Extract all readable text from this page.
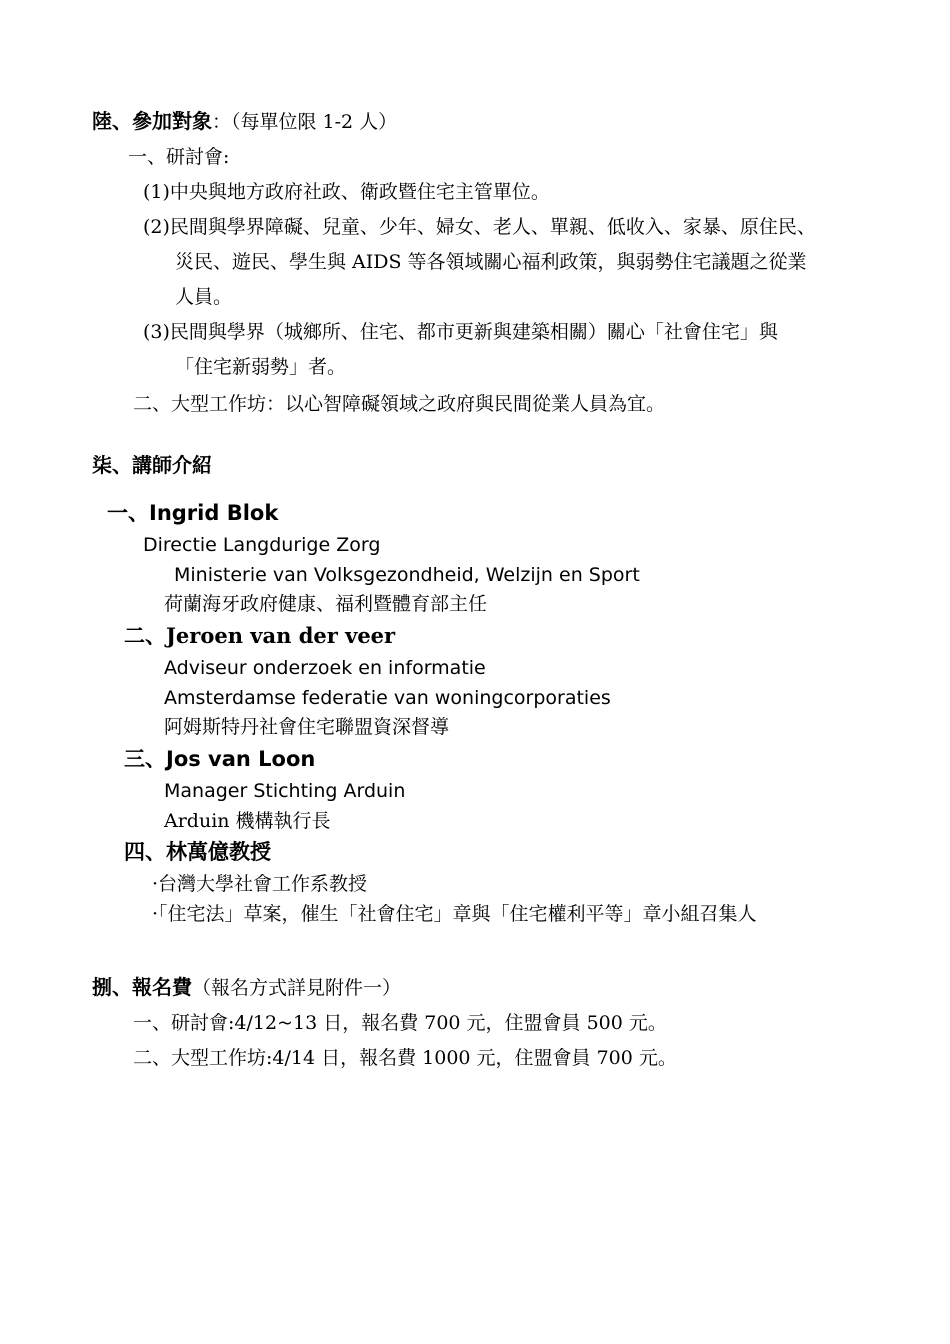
陸、參加對象：（每單位限 1-2 人）
一、研討會:
(1)中央與地方政府社政、衛政暨住宅主管單位。
(2)民間與學界障礙、兒童、少年、婦女、老人、單親、低收入、家暴、原住民、
災民、遊民、學生與 AIDS 等各領域關心福利政策，與弱勢住宅議題之從業
人員。
(3)民間與學界（城鄉所、住宅、都市更新與建築相關）關心「社會住宅」與
「住宅新弱勢」者。
二、大型工作坊：以心智障礙領域之政府與民間從業人員為宜。
柒、講師介紹
一、Ingrid Blok
Directie Langdurige Zorg
Ministerie van Volksgezondheid, Welzijn en Sport
荷蘭海牙政府健康、福利暨體育部主任
二、Jeroen van der veer
Adviseur onderzoek en informatie
Amsterdamse federatie van woningcorporaties
阿姆斯特丹社會住宅聯盟資深督導
三、Jos van Loon
Manager Stichting Arduin
Arduin 機構執行長
四、林萬億教授
·台灣大學社會工作系教授
·「住宅法」草案，催生「社會住宅」章與「住宅權利平等」章小組召集人
捌、報名費（報名方式詳見附件一）
一、研討會:4/12~13 日，報名費 700 元，住盟會員 500 元。
二、大型工作坊:4/14 日，報名費 1000 元，住盟會員 700 元。
